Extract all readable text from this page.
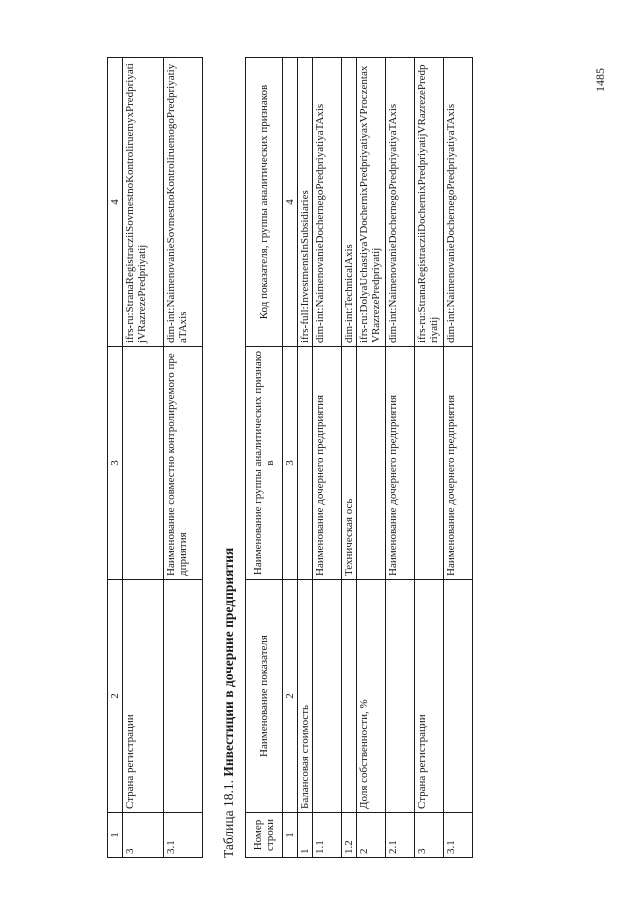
1485
1	2	3	4
3	Страна регистрации		ifrs-ru:StranaRegistracziiSovmestnoKontroliruemyxPredpriyatijVRazrezePredpriyatij
3.1		Наименование совместно контролируемого предприятия	dim-int:NaimenovanieSovmestnoKontroliruemogoPredpriyatiyaTAxis
Таблица 18.1. Инвестиции в дочерние предприятия
Номер строки	Наименование показателя	Наименование группы аналитических признаков	Код показателя, группы аналитических признаков
1	2	3	4
1	Балансовая стоимость		ifrs-full:InvestmentsInSubsidiaries
1.1		Наименование дочернего предприятия	dim-int:NaimenovanieDochernegoPredpriyatiyaTAxis
1.2		Техническая ось	dim-int:TechnicalAxis
2	Доля собственности, %		ifrs-ru:DolyaUchastiyaVDochernixPredpriyatiyaxVProczentaxVRazrezePredpriyatij
2.1		Наименование дочернего предприятия	dim-int:NaimenovanieDochernegoPredpriyatiyaTAxis
3	Страна регистрации		ifrs-ru:StranaRegistracziiDochernixPredpriyatijVRazrezePredpriyatij
3.1		Наименование дочернего предприятия	dim-int:NaimenovanieDochernegoPredpriyatiyaTAxis
